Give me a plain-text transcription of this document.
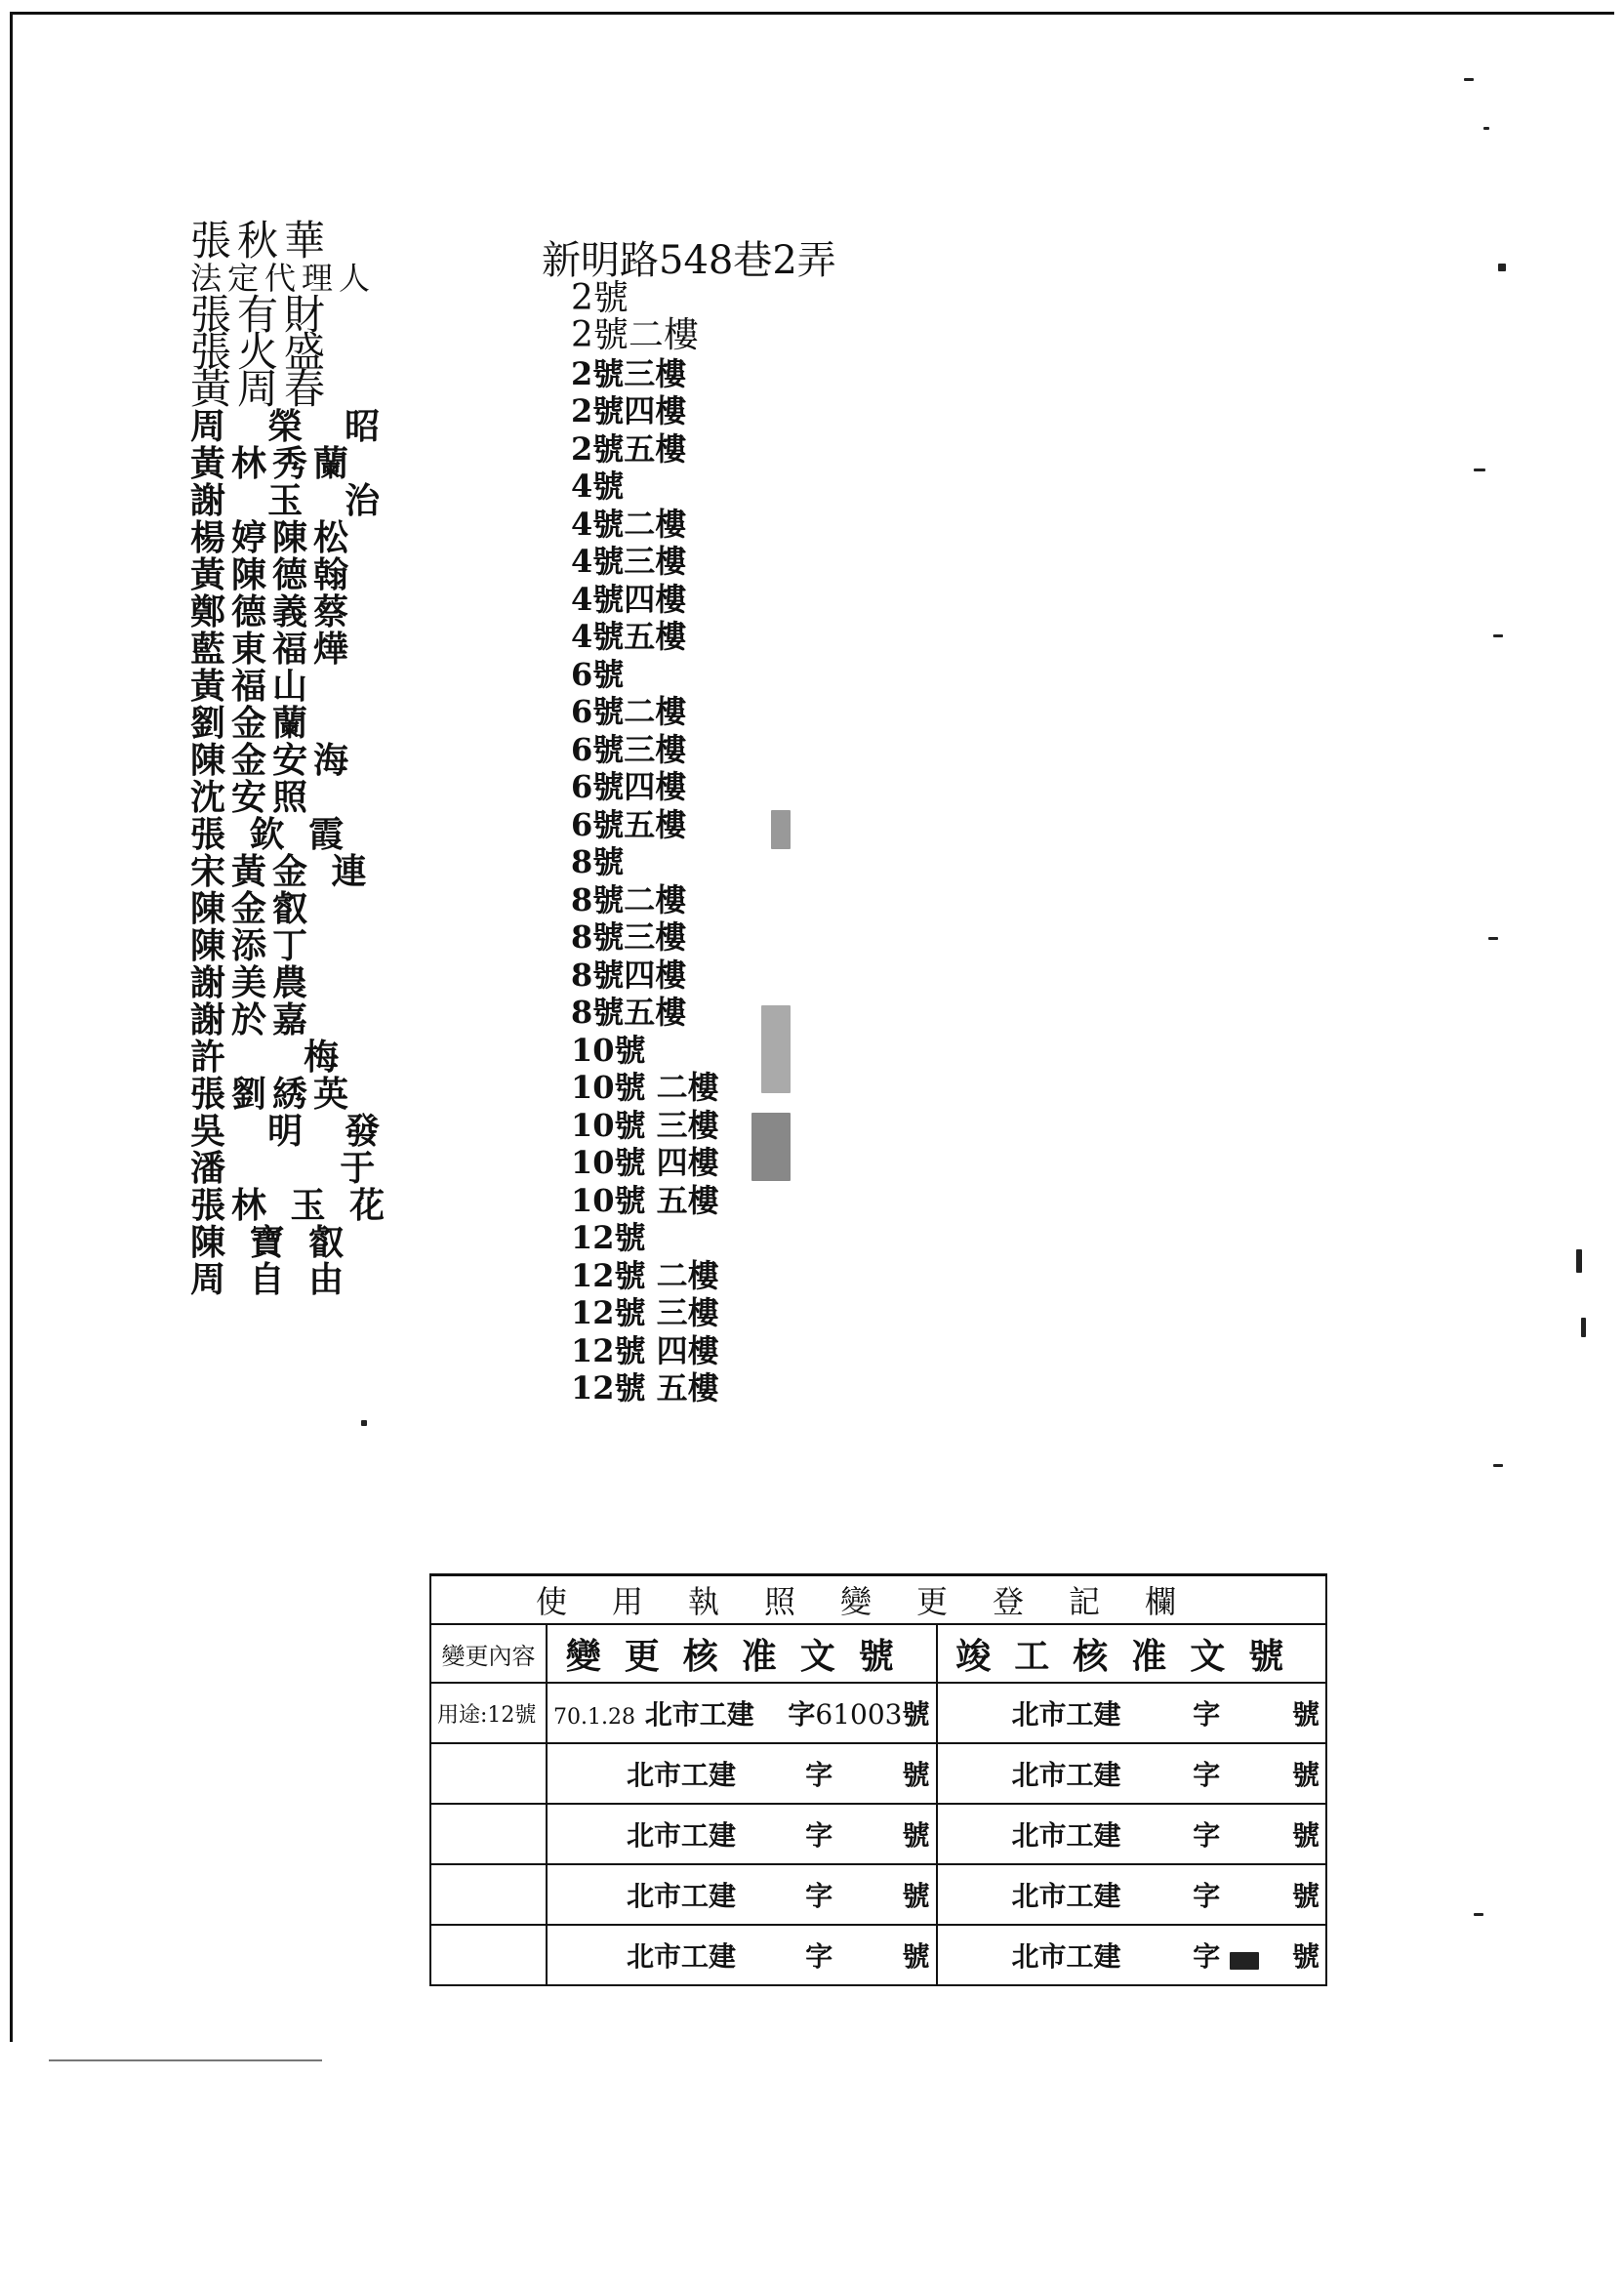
張秋華
法定代理人
張有財
張火盛
黃周春
周  榮  昭
黃林秀蘭
謝  玉  治
楊婷陳松
黃陳德翰
鄭德義蔡
藍東福燁
黃福山
劉金蘭
陳金安海
沈安照
張 欽 霞
宋黃金 連
陳金叡
陳添丁
謝美農
謝於嘉
許    梅
張劉綉英
吳  明  發
潘      于
張林 玉 花
陳 寶 叡
周 自 由
新明路548巷2弄
2號
2號二樓
2號三樓
2號四樓
2號五樓
4號
4號二樓
4號三樓
4號四樓
4號五樓
6號
6號二樓
6號三樓
6號四樓
6號五樓
8號
8號二樓
8號三樓
8號四樓
8號五樓
10號
10號 二樓
10號 三樓
10號 四樓
10號 五樓
12號
12號 二樓
12號 三樓
12號 四樓
12號 五樓
使用執照變更登記欄		
變更內容	變更核准文號	竣工核准文號
用途:12號	70.1.28 北市工建 字61003號	北市工建 字 號

	北市工建 字 號	北市工建 字 號

	北市工建 字 號	北市工建 字 號

	北市工建 字 號	北市工建 字 號

	北市工建 字 號	北市工建 字 號
